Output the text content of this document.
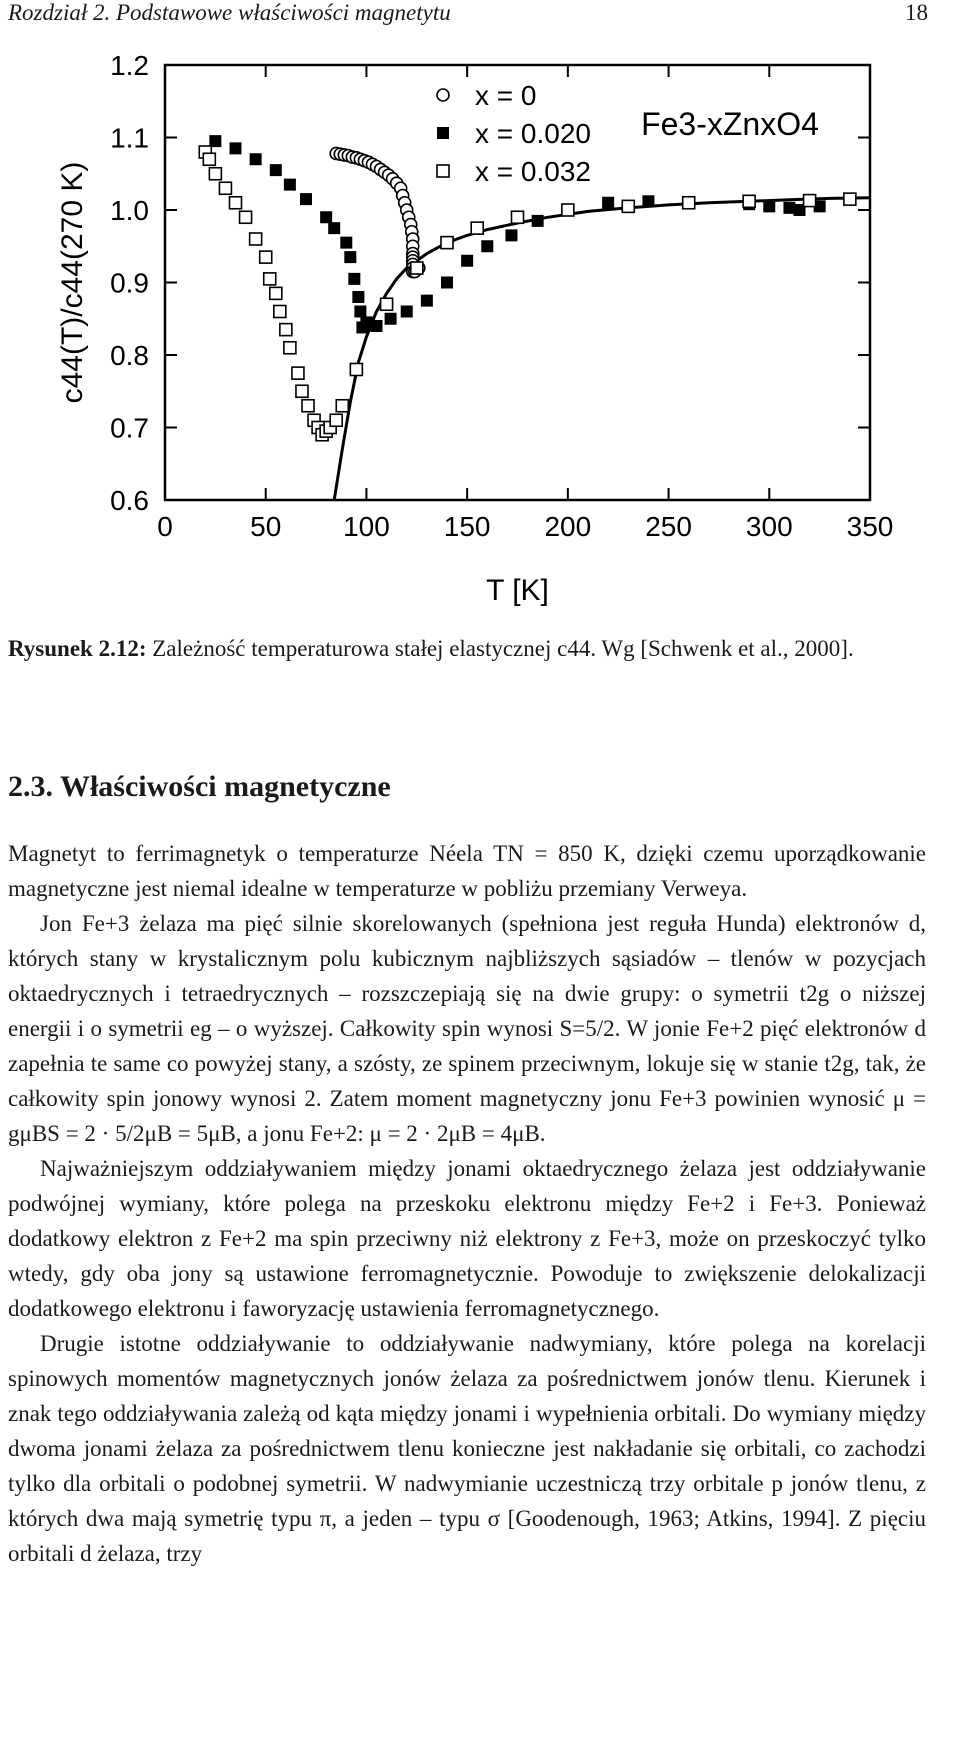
Rozdział 2. Podstawowe właściwości magnetytu	18
0	50 100 150 200 250 300 350
0.6
0.7
0.8
0.9
1.0
1.1
1.2
T [K]
c44(T)/c44(270 K)
Fe3-xZnxO4
x = 0
x = 0.020
x = 0.032
Rysunek 2.12: Zależność temperaturowa stałej elastycznej c44. Wg [Schwenk et al., 2000].
2.3. Właściwości magnetyczne

Magnetyt to ferrimagnetyk o temperaturze Néela TN = 850 K, dzięki czemu uporządkowanie magnetyczne jest niemal idealne w temperaturze w pobliżu przemiany Verweya.

Jon Fe+3 żelaza ma pięć silnie skorelowanych (spełniona jest reguła Hunda) elektronów d, których stany w krystalicznym polu kubicznym najbliższych sąsiadów – tlenów w pozycjach oktaedrycznych i tetraedrycznych – rozszczepiają się na dwie grupy: o symetrii t2g o niższej energii i o symetrii eg – o wyższej. Całkowity spin wynosi S=5/2. W jonie Fe+2 pięć elektronów d zapełnia te same co powyżej stany, a szósty, ze spinem przeciwnym, lokuje się w stanie t2g, tak, że całkowity spin jonowy wynosi 2. Zatem moment magnetyczny jonu Fe+3 powinien wynosić μ = gμBS = 2 · 5/2μB = 5μB, a jonu Fe+2: μ = 2 · 2μB = 4μB.

Najważniejszym oddziaływaniem między jonami oktaedrycznego żelaza jest oddziaływanie podwójnej wymiany, które polega na przeskoku elektronu między Fe+2 i Fe+3. Ponieważ dodatkowy elektron z Fe+2 ma spin przeciwny niż elektrony z Fe+3, może on przeskoczyć tylko wtedy, gdy oba jony są ustawione ferromagnetycznie. Powoduje to zwiększenie delokalizacji dodatkowego elektronu i faworyzację ustawienia ferromagnetycznego.

Drugie istotne oddziaływanie to oddziaływanie nadwymiany, które polega na korelacji spinowych momentów magnetycznych jonów żelaza za pośrednictwem jonów tlenu. Kierunek i znak tego oddziaływania zależą od kąta między jonami i wypełnienia orbitali. Do wymiany między dwoma jonami żelaza za pośrednictwem tlenu konieczne jest nakładanie się orbitali, co zachodzi tylko dla orbitali o podobnej symetrii. W nadwymianie uczestniczą trzy orbitale p jonów tlenu, z których dwa mają symetrię typu π, a jeden – typu σ [Goodenough, 1963; Atkins, 1994]. Z pięciu orbitali d żelaza, trzy
